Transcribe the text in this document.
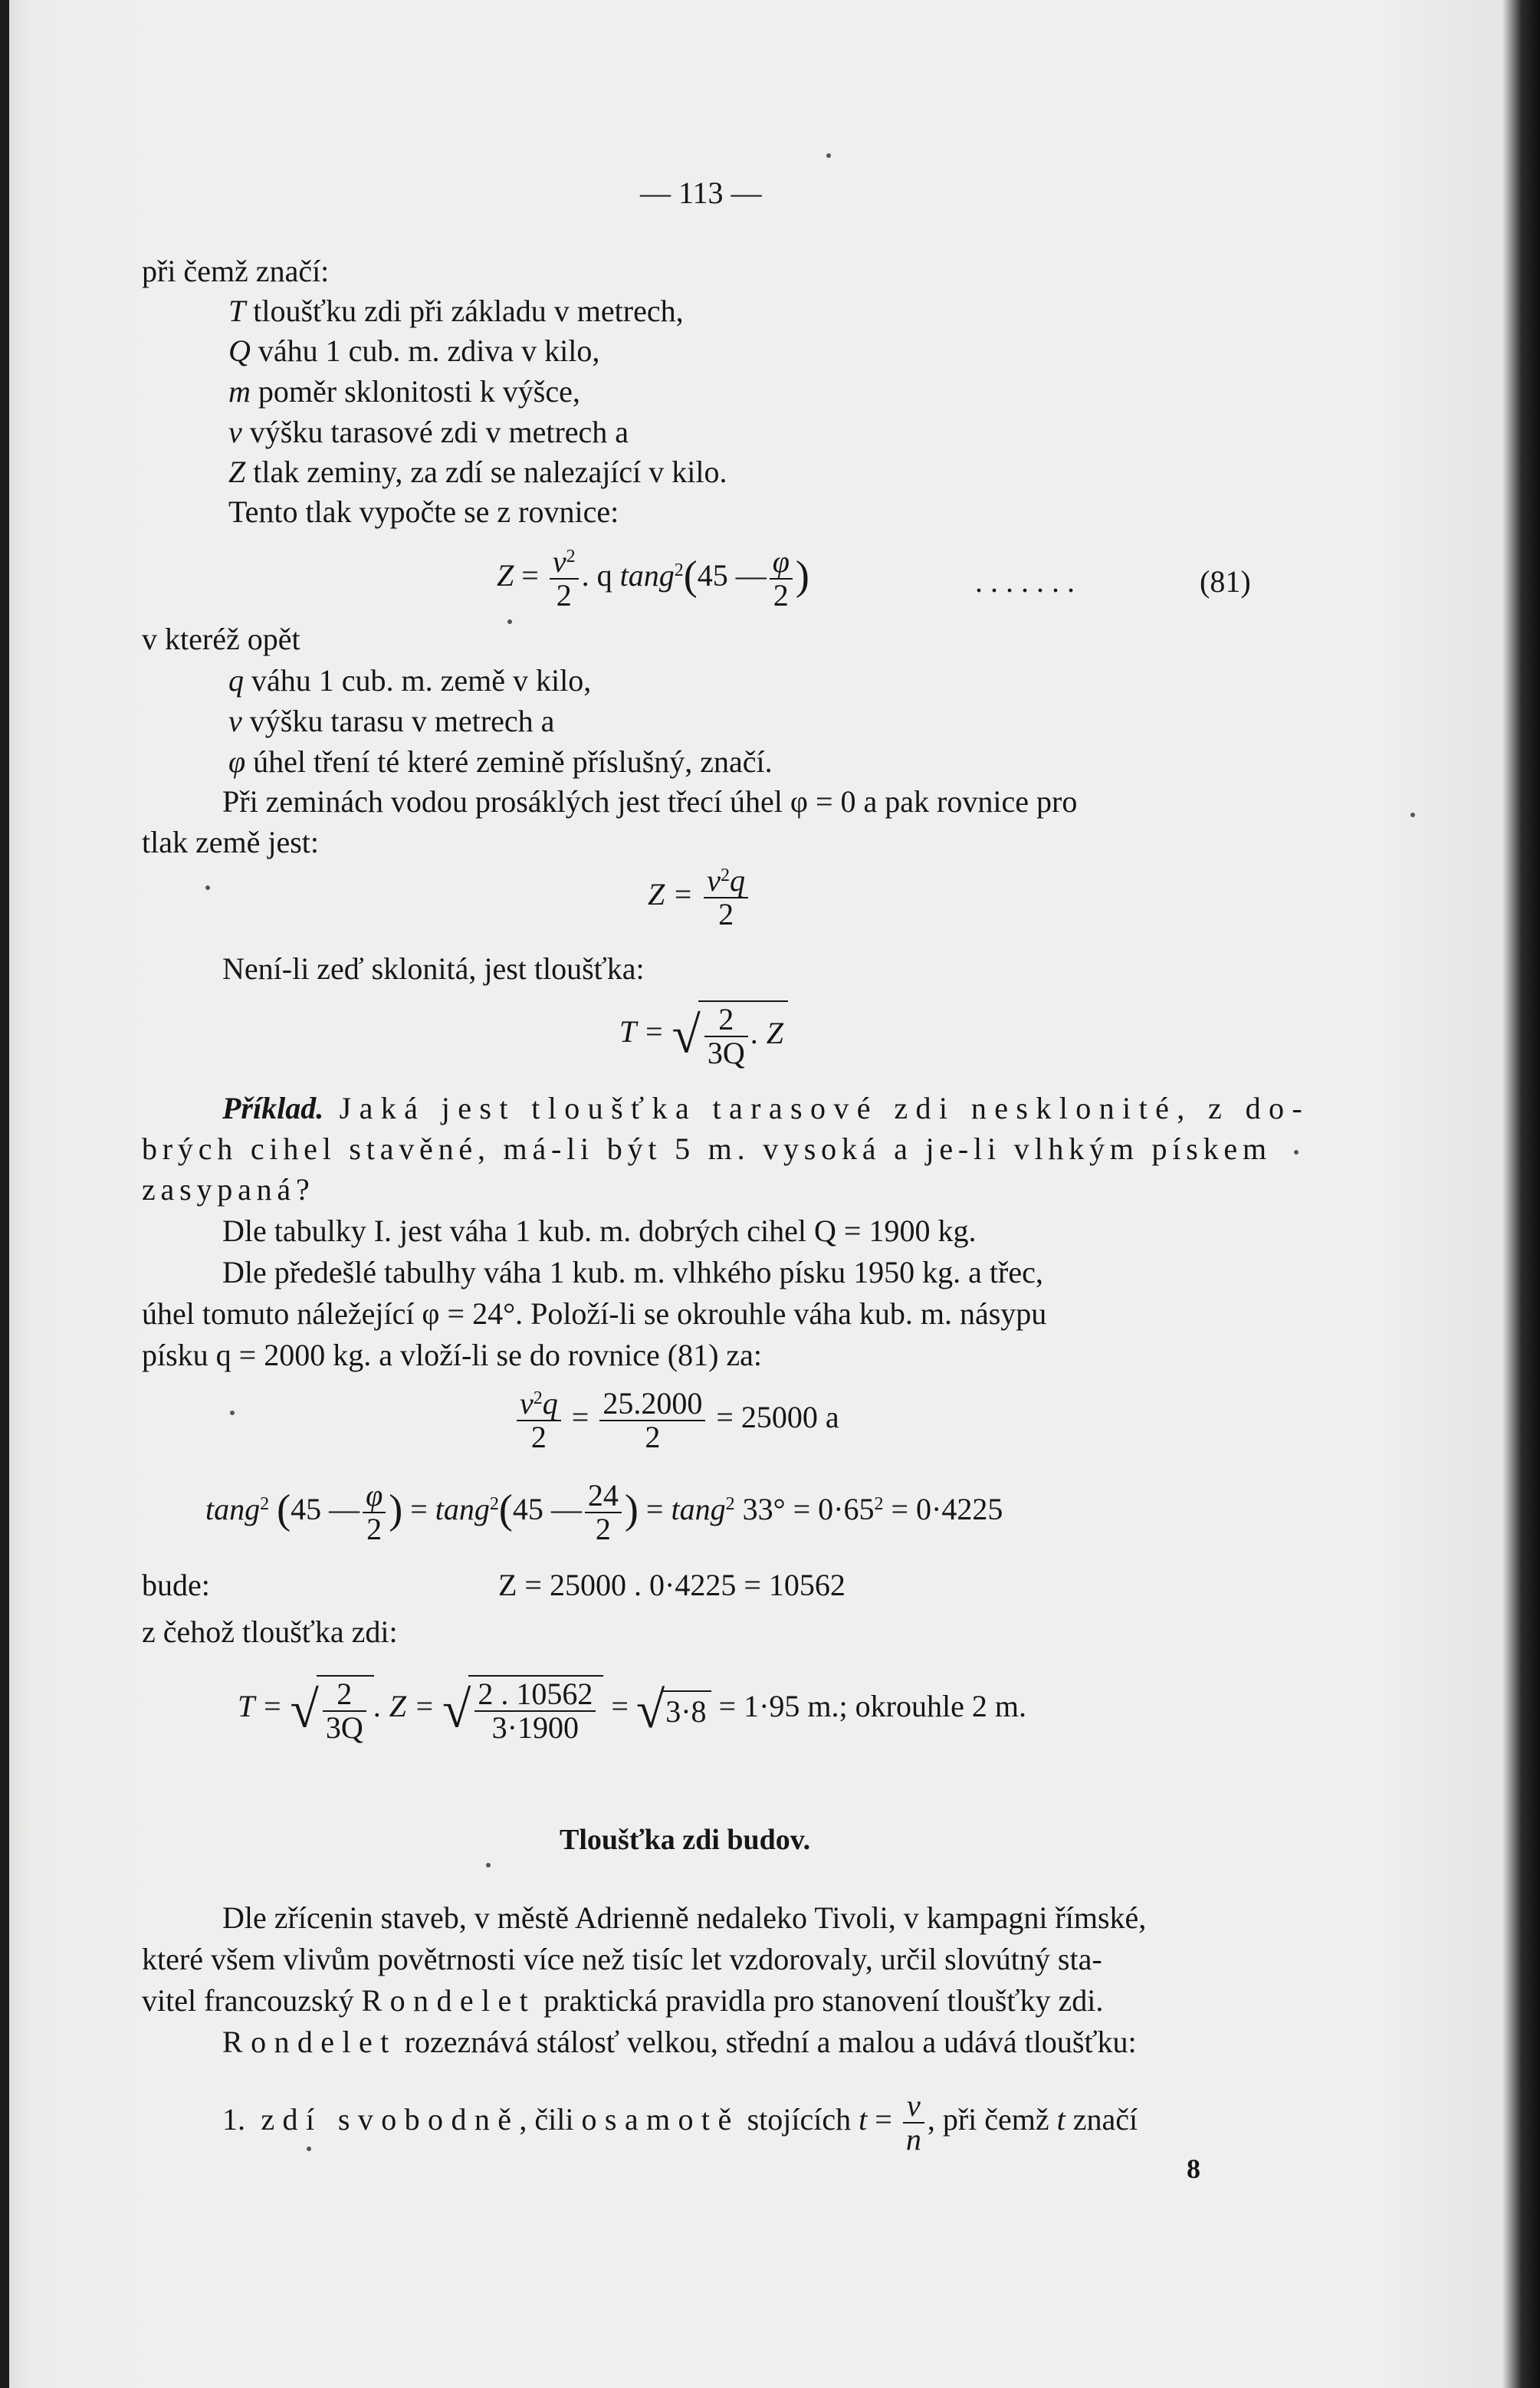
— 113 —
při čemž značí:
T tloušťku zdi při základu v metrech,
Q váhu 1 cub. m. zdiva v kilo,
m poměr sklonitosti k výšce,
v výšku tarasové zdi v metrech a
Z tlak zeminy, za zdí se nalezající v kilo.
Tento tlak vypočte se z rovnice:
$Z = \frac{v^2}{2}$ . q tang$^2$(45 — $\frac{\varphi}{2}$ )	. . . . . . .	(81)
v kteréž opět
q váhu 1 cub. m. země v kilo,
v výšku tarasu v metrech a
φ úhel tření té které zemině příslušný, značí.
Při zeminách vodou prosáklých jest třecí úhel φ = 0 a pak rovnice pro
tlak země jest:
$Z = \frac{v^2q}{2}$
Není-li zeď sklonitá, jest tloušťka:
T = √ $\frac{2}{3Q}$ . Z
Příklad. Jaká jest tloušťka tarasové zdi nesklonité, z do-
brých cihel stavěné, má-li být 5 m. vysoká a je-li vlhkým pískem
zasypaná?
Dle tabulky I. jest váha 1 kub. m. dobrých cihel Q = 1900 kg.
Dle předešlé tabulhy váha 1 kub. m. vlhkého písku 1950 kg. a třec,
úhel tomuto náležející φ = 24°. Položí-li se okrouhle váha kub. m. násypu
písku q = 2000 kg. a vloží-li se do rovnice (81) za:
$\frac{v^2q}{2} = \frac{25.2000}{2} = 25000$ a
tang$^2$ (45 — $\frac{\varphi}{2}$ ) = tang$^2$(45 — $\frac{24}{2}$ ) = tang$^2$ $33^\circ = 0\cdot 65^2 = 0\cdot 4225$
bude:	Z = 25000 . 0·4225 = 10562
z čehož tloušťka zdi:
T = √ $\frac{2}{3Q}$ . Z = √ $\frac{2 . 10562}{3\cdot 1900} = √3\cdot 8 = 1\cdot 95$ m.; okrouhle 2 m.
Tloušťka zdi budov.
Dle zřícenin staveb, v městě Adrienně nedaleko Tivoli, v kampagni římské,
které všem vlivům povětrnosti více než tisíc let vzdorovaly, určil slovútný sta-
vitel francouzský Rondelet praktická pravidla pro stanovení tloušťky zdi.
Rondelet rozeznává stálosť velkou, střední a malou a udává tloušťku:
1. zdí svobodně, čili osamotě stojících $t = \frac{v}{n}$ , při čemž t značí
8
